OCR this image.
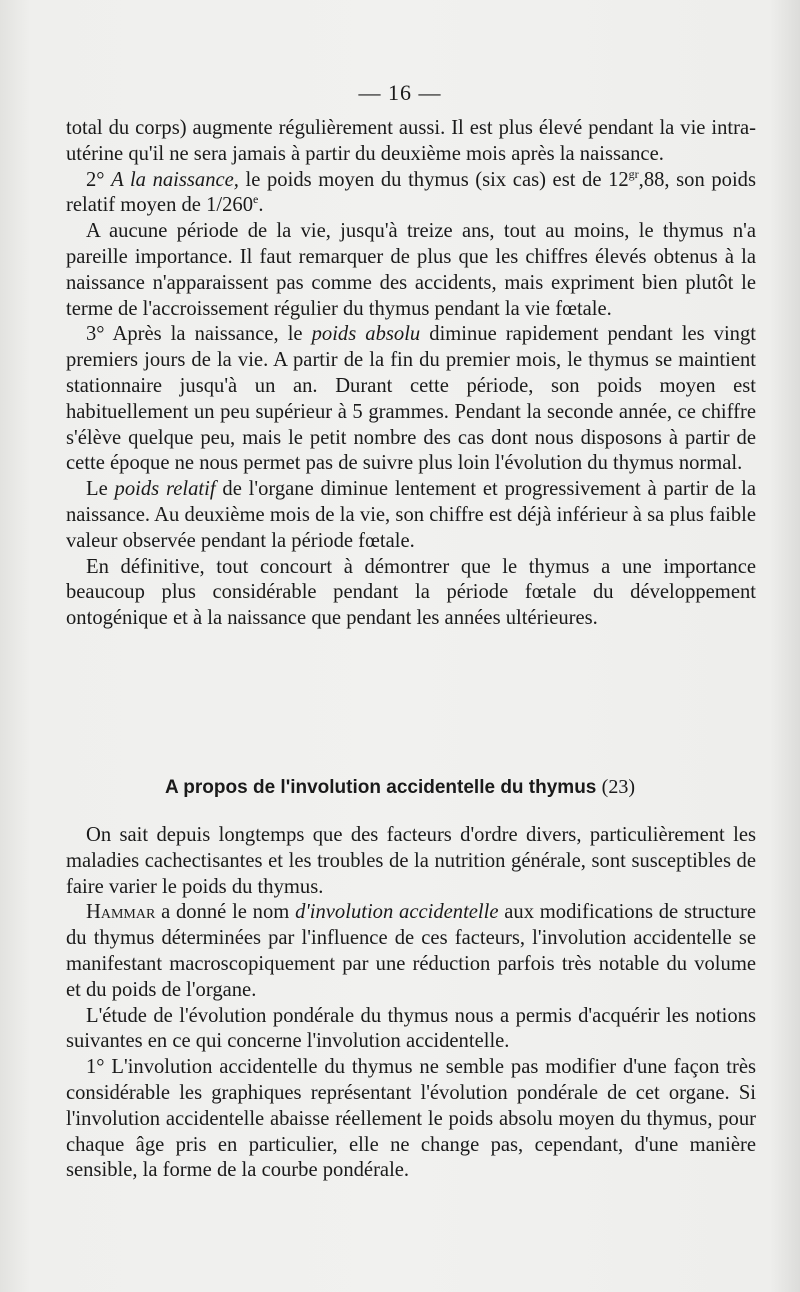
— 16 —

total du corps) augmente régulièrement aussi. Il est plus élevé pendant la vie intra-utérine qu'il ne sera jamais à partir du deuxième mois après la naissance.

2° A la naissance, le poids moyen du thymus (six cas) est de $12^{gr},88$, son poids relatif moyen de 1/260e.

A aucune période de la vie, jusqu'à treize ans, tout au moins, le thymus n'a pareille importance. Il faut remarquer de plus que les chiffres élevés obtenus à la naissance n'apparaissent pas comme des accidents, mais expriment bien plutôt le terme de l'accroissement régulier du thymus pendant la vie fœtale.

3° Après la naissance, le poids absolu diminue rapidement pendant les vingt premiers jours de la vie. A partir de la fin du premier mois, le thymus se maintient stationnaire jusqu'à un an. Durant cette période, son poids moyen est habituellement un peu supérieur à 5 grammes. Pendant la seconde année, ce chiffre s'élève quelque peu, mais le petit nombre des cas dont nous disposons à partir de cette époque ne nous permet pas de suivre plus loin l'évolution du thymus normal.

Le poids relatif de l'organe diminue lentement et progressivement à partir de la naissance. Au deuxième mois de la vie, son chiffre est déjà inférieur à sa plus faible valeur observée pendant la période fœtale.

En définitive, tout concourt à démontrer que le thymus a une importance beaucoup plus considérable pendant la période fœtale du développement ontogénique et à la naissance que pendant les années ultérieures.

A propos de l'involution accidentelle du thymus (23)

On sait depuis longtemps que des facteurs d'ordre divers, particulièrement les maladies cachectisantes et les troubles de la nutrition générale, sont susceptibles de faire varier le poids du thymus.

Hammar a donné le nom d'involution accidentelle aux modifications de structure du thymus déterminées par l'influence de ces facteurs, l'involution accidentelle se manifestant macroscopiquement par une réduction parfois très notable du volume et du poids de l'organe.

L'étude de l'évolution pondérale du thymus nous a permis d'acquérir les notions suivantes en ce qui concerne l'involution accidentelle.

1° L'involution accidentelle du thymus ne semble pas modifier d'une façon très considérable les graphiques représentant l'évolution pondérale de cet organe. Si l'involution accidentelle abaisse réellement le poids absolu moyen du thymus, pour chaque âge pris en particulier, elle ne change pas, cependant, d'une manière sensible, la forme de la courbe pondérale.
